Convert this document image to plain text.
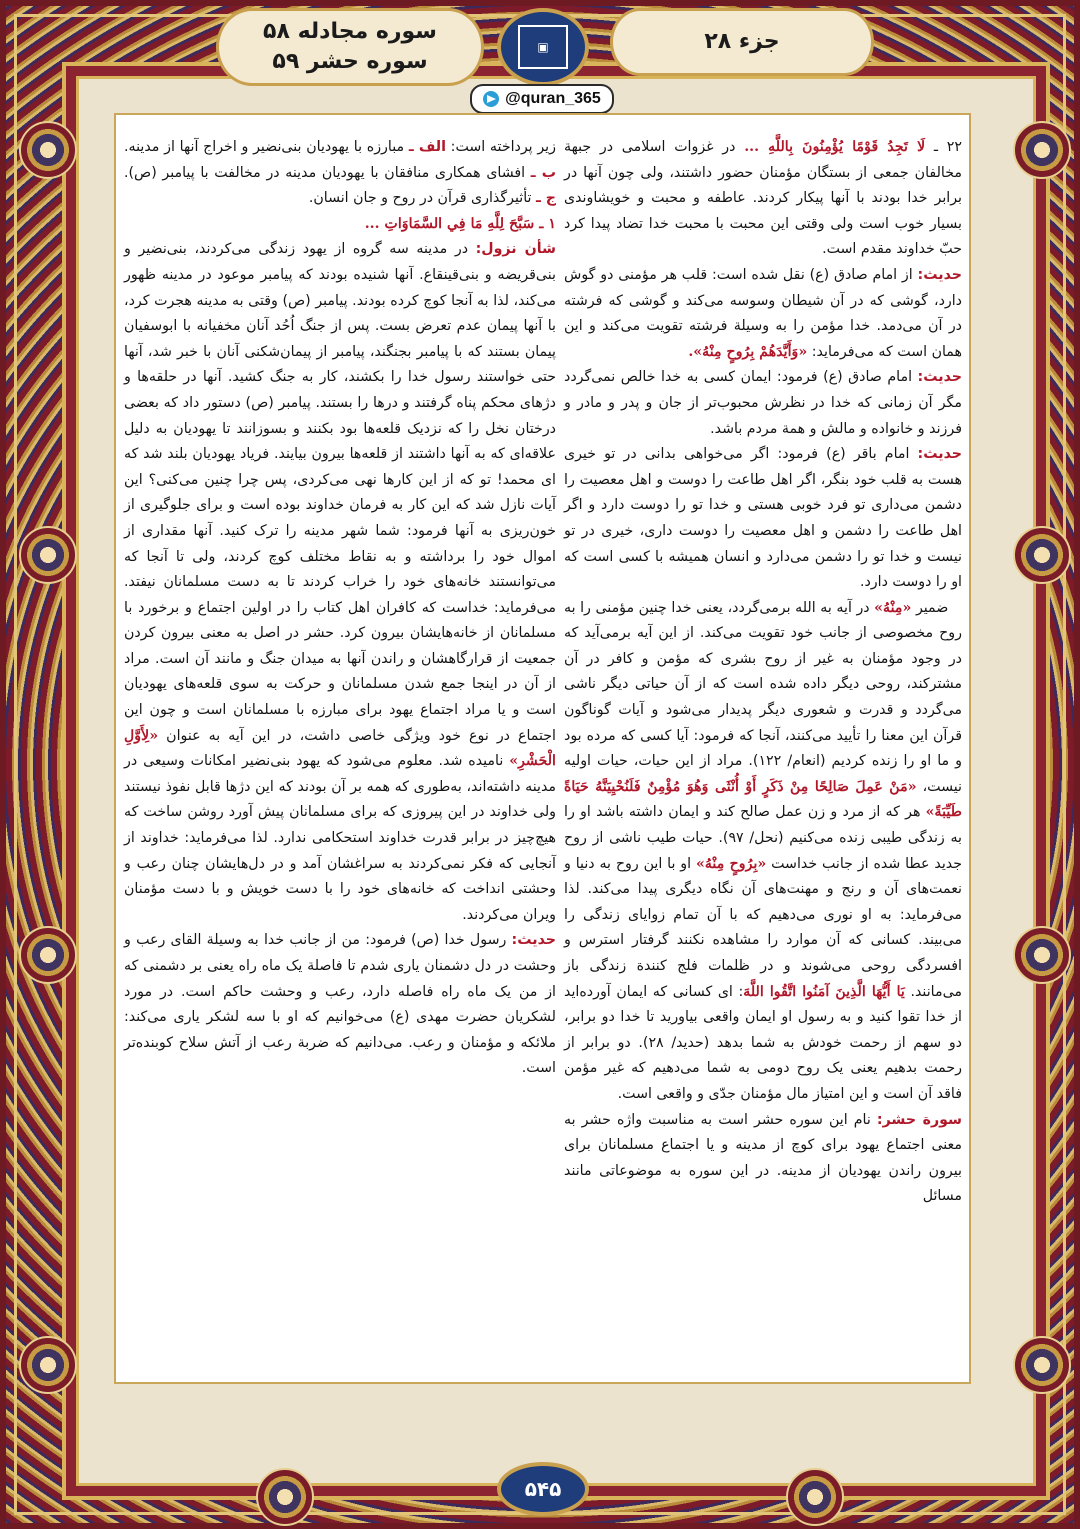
جزء ۲۸
▣
سوره مجادله ۵۸
سوره حشر ۵۹
@quran_365

۲۲ ـ لَا تَجِدُ قَوْمًا يُؤْمِنُونَ بِاللَّهِ ... در غزوات اسلامی در جبهة مخالفان جمعی از بستگان مؤمنان حضور داشتند، ولی چون آنها در برابر خدا بودند با آنها پیکار کردند. عاطفه و محبت و خویشاوندی بسیار خوب است ولی وقتی این محبت با محبت خدا تضاد پیدا کرد حبّ خداوند مقدم است.

حدیث: از امام صادق (ع) نقل شده است: قلب هر مؤمنی دو گوش دارد، گوشی که در آن شیطان وسوسه می‌کند و گوشی که فرشته در آن می‌دمد. خدا مؤمن را به وسیلة فرشته تقویت می‌کند و این همان است که می‌فرماید: «وَأَيَّدَهُمْ بِرُوحٍ مِنْهُ».

حدیث: امام صادق (ع) فرمود: ایمان کسی به خدا خالص نمی‌گردد مگر آن زمانی که خدا در نظرش محبوب‌تر از جان و پدر و مادر و فرزند و خانواده و مالش و همة مردم باشد.

حدیث: امام باقر (ع) فرمود: اگر می‌خواهی بدانی در تو خیری هست به قلب خود بنگر، اگر اهل طاعت را دوست و اهل معصیت را دشمن می‌داری تو فرد خوبی هستی و خدا تو را دوست دارد و اگر اهل طاعت را دشمن و اهل معصیت را دوست داری، خیری در تو نیست و خدا تو را دشمن می‌دارد و انسان همیشه با کسی است که او را دوست دارد.

ضمیر «مِنْهُ» در آیه به الله برمی‌گردد، یعنی خدا چنین مؤمنی را به روح مخصوصی از جانب خود تقویت می‌کند. از این آیه برمی‌آید که در وجود مؤمنان به غیر از روح بشری که مؤمن و کافر در آن مشترکند، روحی دیگر داده شده است که از آن حیاتی دیگر ناشی می‌گردد و قدرت و شعوری دیگر پدیدار می‌شود و آیات گوناگون قرآن این معنا را تأیید می‌کنند، آنجا که فرمود: آیا کسی که مرده بود و ما او را زنده کردیم (انعام/ ۱۲۲). مراد از این حیات، حیات اولیه نیست، «مَنْ عَمِلَ صَالِحًا مِنْ ذَكَرٍ أَوْ أُنْثَى وَهُوَ مُؤْمِنٌ فَلَنُحْيِيَنَّهُ حَيَاةً طَيِّبَةً» هر که از مرد و زن عمل صالح کند و ایمان داشته باشد او را به زندگی طیبی زنده می‌کنیم (نحل/ ۹۷). حیات طیب ناشی از روح جدید عطا شده از جانب خداست «بِرُوحٍ مِنْهُ» او با این روح به دنیا و نعمت‌های آن و رنج و مهنت‌های آن نگاه دیگری پیدا می‌کند. لذا می‌فرماید: به او نوری می‌دهیم که با آن تمام زوایای زندگی را می‌بیند. کسانی که آن موارد را مشاهده نکنند گرفتار استرس و افسردگی روحی می‌شوند و در ظلمات فلج کنندة زندگی باز می‌مانند. يَا أَيُّهَا الَّذِينَ آمَنُوا اتَّقُوا اللَّهَ: ای کسانی که ایمان آورده‌اید از خدا تقوا کنید و به رسول او ایمان واقعی بیاورید تا خدا دو برابر، دو سهم از رحمت خودش به شما بدهد (حدید/ ۲۸). دو برابر از رحمت بدهیم یعنی یک روح دومی به شما می‌دهیم که غیر مؤمن فاقد آن است و این امتیاز مال مؤمنان جدّی و واقعی است.

سورة حشر: نام این سوره حشر است به مناسبت واژه حشر به معنی اجتماع یهود برای کوچ از مدینه و یا اجتماع مسلمانان برای بیرون راندن یهودیان از مدینه. در این سوره به موضوعاتی مانند مسائل

زیر پرداخته است: الف ـ مبارزه با یهودیان بنی‌نضیر و اخراج آنها از مدینه. ب ـ افشای همکاری منافقان با یهودیان مدینه در مخالفت با پیامبر (ص). ج ـ تأثیرگذاری قرآن در روح و جان انسان.

۱ ـ سَبَّحَ لِلَّهِ مَا فِي السَّمَاوَاتِ ...

شأن نزول: در مدینه سه گروه از یهود زندگی می‌کردند، بنی‌نضیر و بنی‌قریضه و بنی‌قینقاع. آنها شنیده بودند که پیامبر موعود در مدینه ظهور می‌کند، لذا به آنجا کوچ کرده بودند. پیامبر (ص) وقتی به مدینه هجرت کرد، با آنها پیمان عدم تعرض بست. پس از جنگ اُحُد آنان مخفیانه با ابوسفیان پیمان بستند که با پیامبر بجنگند، پیامبر از پیمان‌شکنی آنان با خبر شد، آنها حتی خواستند رسول خدا را بکشند، کار به جنگ کشید. آنها در حلقه‌ها و دژهای محکم پناه گرفتند و درها را بستند. پیامبر (ص) دستور داد که بعضی درختان نخل را که نزدیک قلعه‌ها بود بکنند و بسوزانند تا یهودیان به دلیل علاقه‌ای که به آنها داشتند از قلعه‌ها بیرون بیایند. فریاد یهودیان بلند شد که ای محمد! تو که از این کارها نهی می‌کردی، پس چرا چنین می‌کنی؟ این آیات نازل شد که این کار به فرمان خداوند بوده است و برای جلوگیری از خون‌ریزی به آنها فرمود: شما شهر مدینه را ترک کنید. آنها مقداری از اموال خود را برداشته و به نقاط مختلف کوچ کردند، ولی تا آنجا که می‌توانستند خانه‌های خود را خراب کردند تا به دست مسلمانان نیفتد. می‌فرماید: خداست که کافران اهل کتاب را در اولین اجتماع و برخورد با مسلمانان از خانه‌هایشان بیرون کرد. حشر در اصل به معنی بیرون کردن جمعیت از قرارگاهشان و راندن آنها به میدان جنگ و مانند آن است. مراد از آن در اینجا جمع شدن مسلمانان و حرکت به سوی قلعه‌های یهودیان است و یا مراد اجتماع یهود برای مبارزه با مسلمانان است و چون این اجتماع در نوع خود ویژگی خاصی داشت، در این آیه به عنوان «لِأَوَّلِ الْحَشْرِ» نامیده شد. معلوم می‌شود که یهود بنی‌نضیر امکانات وسیعی در مدینه داشته‌اند، به‌طوری که همه بر آن بودند که این دژها قابل نفوذ نیستند ولی خداوند در این پیروزی که برای مسلمانان پیش آورد روشن ساخت که هیچ‌چیز در برابر قدرت خداوند استحکامی ندارد. لذا می‌فرماید: خداوند از آنجایی که فکر نمی‌کردند به سراغشان آمد و در دل‌هایشان چنان رعب و وحشتی انداخت که خانه‌های خود را با دست خویش و با دست مؤمنان ویران می‌کردند.

حدیث: رسول خدا (ص) فرمود: من از جانب خدا به وسیلة القای رعب و وحشت در دل دشمنان یاری شدم تا فاصلة یک ماه راه یعنی بر دشمنی که از من یک ماه راه فاصله دارد، رعب و وحشت حاکم است. در مورد لشکریان حضرت مهدی (ع) می‌خوانیم که او با سه لشکر یاری می‌کند: ملائکه و مؤمنان و رعب. می‌دانیم که ضربة رعب از آتش سلاح کوبنده‌تر است.

۵۴۵
